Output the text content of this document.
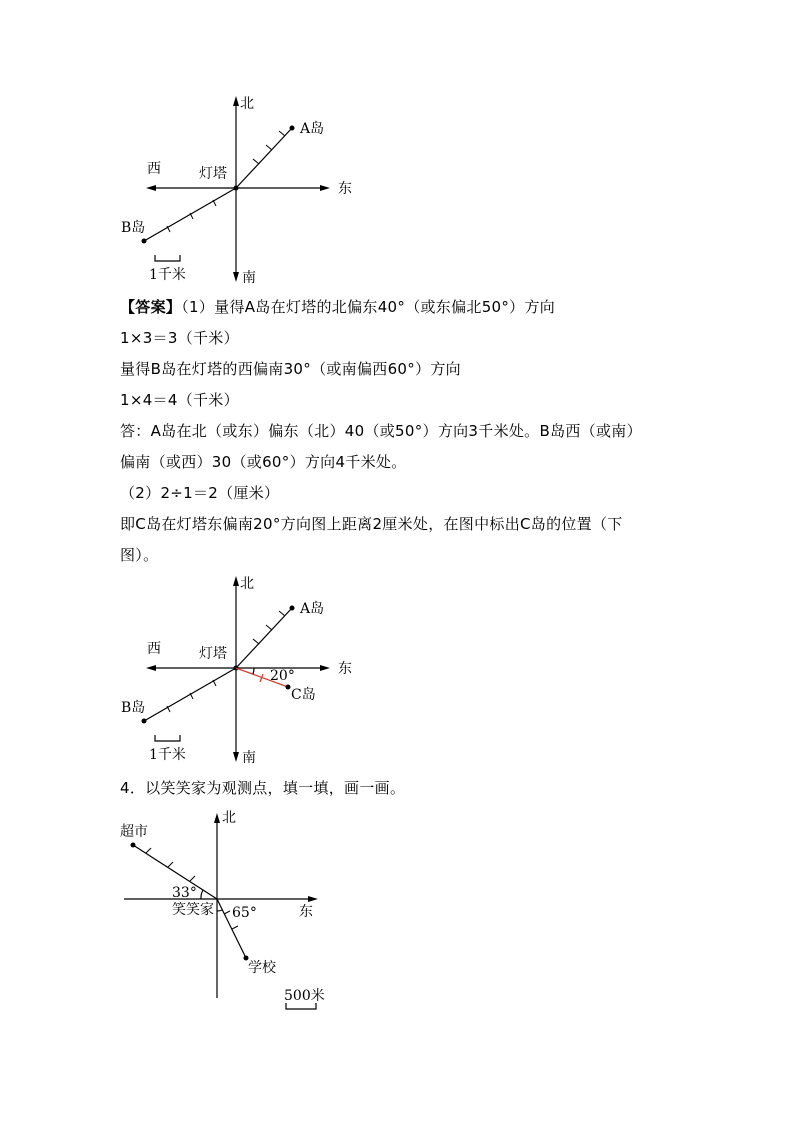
北
南
东
西	灯塔
A岛
B岛
1千米
北
南
东
西	灯塔
A岛
B岛
C岛
20°
1千米
北
东
笑笑家
超市
学校
33°
65°
500米
【答案】（1）量得A岛在灯塔的北偏东40°（或东偏北50°）方向
1×3＝3（千米）
量得B岛在灯塔的西偏南30°（或南偏西60°）方向
1×4＝4（千米）
答：A岛在北（或东）偏东（北）40（或50°）方向3千米处。B岛西（或南）
偏南（或西）30（或60°）方向4千米处。
（2）2÷1＝2（厘米）
即C岛在灯塔东偏南20°方向图上距离2厘米处，在图中标出C岛的位置（下
图）。
4．以笑笑家为观测点，填一填，画一画。
